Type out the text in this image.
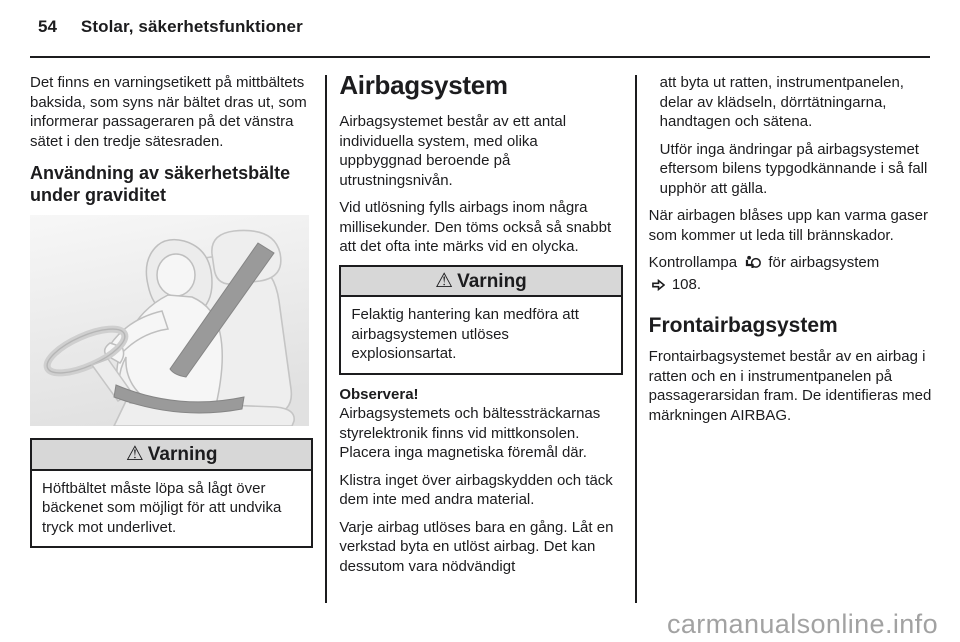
54 Stolar, säkerhetsfunktioner

Det finns en varningsetikett på mittbältets baksida, som syns när bältet dras ut, som informerar passageraren på det vänstra sätet i den tredje sätesraden.

Användning av säkerhetsbälte under graviditet
⚠ Varning

Höftbältet måste löpa så lågt över bäckenet som möjligt för att undvika tryck mot underlivet.

Airbagsystem

Airbagsystemet består av ett antal individuella system, med olika uppbyggnad beroende på utrustningsnivån.

Vid utlösning fylls airbags inom några millisekunder. Den töms också så snabbt att det ofta inte märks vid en olycka.

⚠ Varning

Felaktig hantering kan medföra att airbagsystemen utlöses explosionsartat.

Observera!

Airbagsystemets och bältessträckarnas styrelektronik finns vid mittkonsolen. Placera inga magnetiska föremål där.

Klistra inget över airbagskydden och täck dem inte med andra material.

Varje airbag utlöses bara en gång. Låt en verkstad byta en utlöst airbag. Det kan dessutom vara nödvändigt

att byta ut ratten, instrumentpanelen, delar av klädseln, dörrtätningarna, handtagen och sätena.

Utför inga ändringar på airbagsystemet eftersom bilens typgodkännande i så fall upphör att gälla.

När airbagen blåses upp kan varma gaser som kommer ut leda till brännskador.

Kontrollampa för airbagsystem
108.
Frontairbagsystem

Frontairbagsystemet består av en airbag i ratten och en i instrumentpanelen på passagerarsidan fram. De identifieras med märkningen AIRBAG.

carmanualsonline.info
